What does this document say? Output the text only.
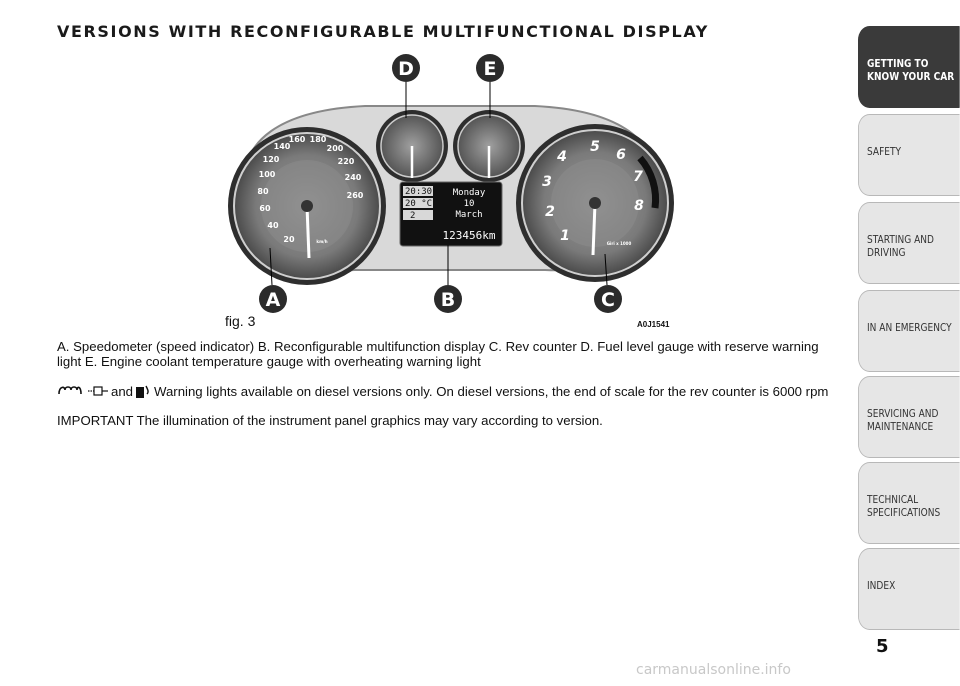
VERSIONS WITH RECONFIGURABLE MULTIFUNCTIONAL DISPLAY
20
40
60
80
100
120
140
160 180
200
220
240
260
km/h	1
2
3
4
5 6
7
8
Giri x 1000
20:30
20 °C
2
Monday
10
March
123456km
A	B	C
D	E
fig. 3	A0J1541
A. Speedometer (speed indicator) B. Reconfigurable multifunction display C. Rev counter D. Fuel level gauge with reserve warning light E. Engine coolant temperature gauge with overheating warning light
and Warning lights available on diesel versions only. On diesel versions, the end of scale for the rev counter is 6000 rpm
IMPORTANT The illumination of the instrument panel graphics may vary according to version.
GETTING TO
KNOW YOUR CAR
SAFETY
STARTING AND
DRIVING
IN AN EMERGENCY
SERVICING AND
MAINTENANCE
TECHNICAL
SPECIFICATIONS
INDEX
5
carmanualsonline.info
